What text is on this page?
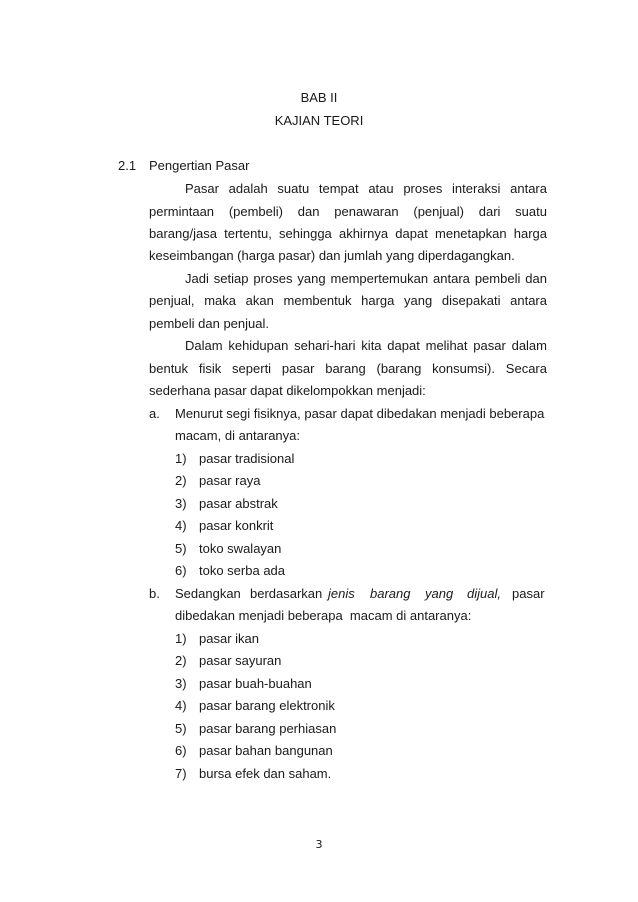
BAB II
KAJIAN TEORI
2.1 Pengertian Pasar
Pasar adalah suatu tempat atau proses interaksi antara
permintaan (pembeli) dan penawaran (penjual) dari suatu
barang/jasa tertentu, sehingga akhirnya dapat menetapkan harga
keseimbangan (harga pasar) dan jumlah yang diperdagangkan.
Jadi setiap proses yang mempertemukan antara pembeli dan
penjual, maka akan membentuk harga yang disepakati antara
pembeli dan penjual.
Dalam kehidupan sehari-hari kita dapat melihat pasar dalam
bentuk fisik seperti pasar barang (barang konsumsi). Secara
sederhana pasar dapat dikelompokkan menjadi:
a. Menurut segi fisiknya, pasar dapat dibedakan menjadi beberapa
macam, di antaranya:
1) pasar tradisional
2) pasar raya
3) pasar abstrak
4) pasar konkrit
5) toko swalayan
6) toko serba ada
b. Sedangkan berdasarkan jenis barang yang dijual, pasar
dibedakan menjadi beberapa  macam di antaranya:
1) pasar ikan
2) pasar sayuran
3) pasar buah-buahan
4) pasar barang elektronik
5) pasar barang perhiasan
6) pasar bahan bangunan
7) bursa efek dan saham.
3
